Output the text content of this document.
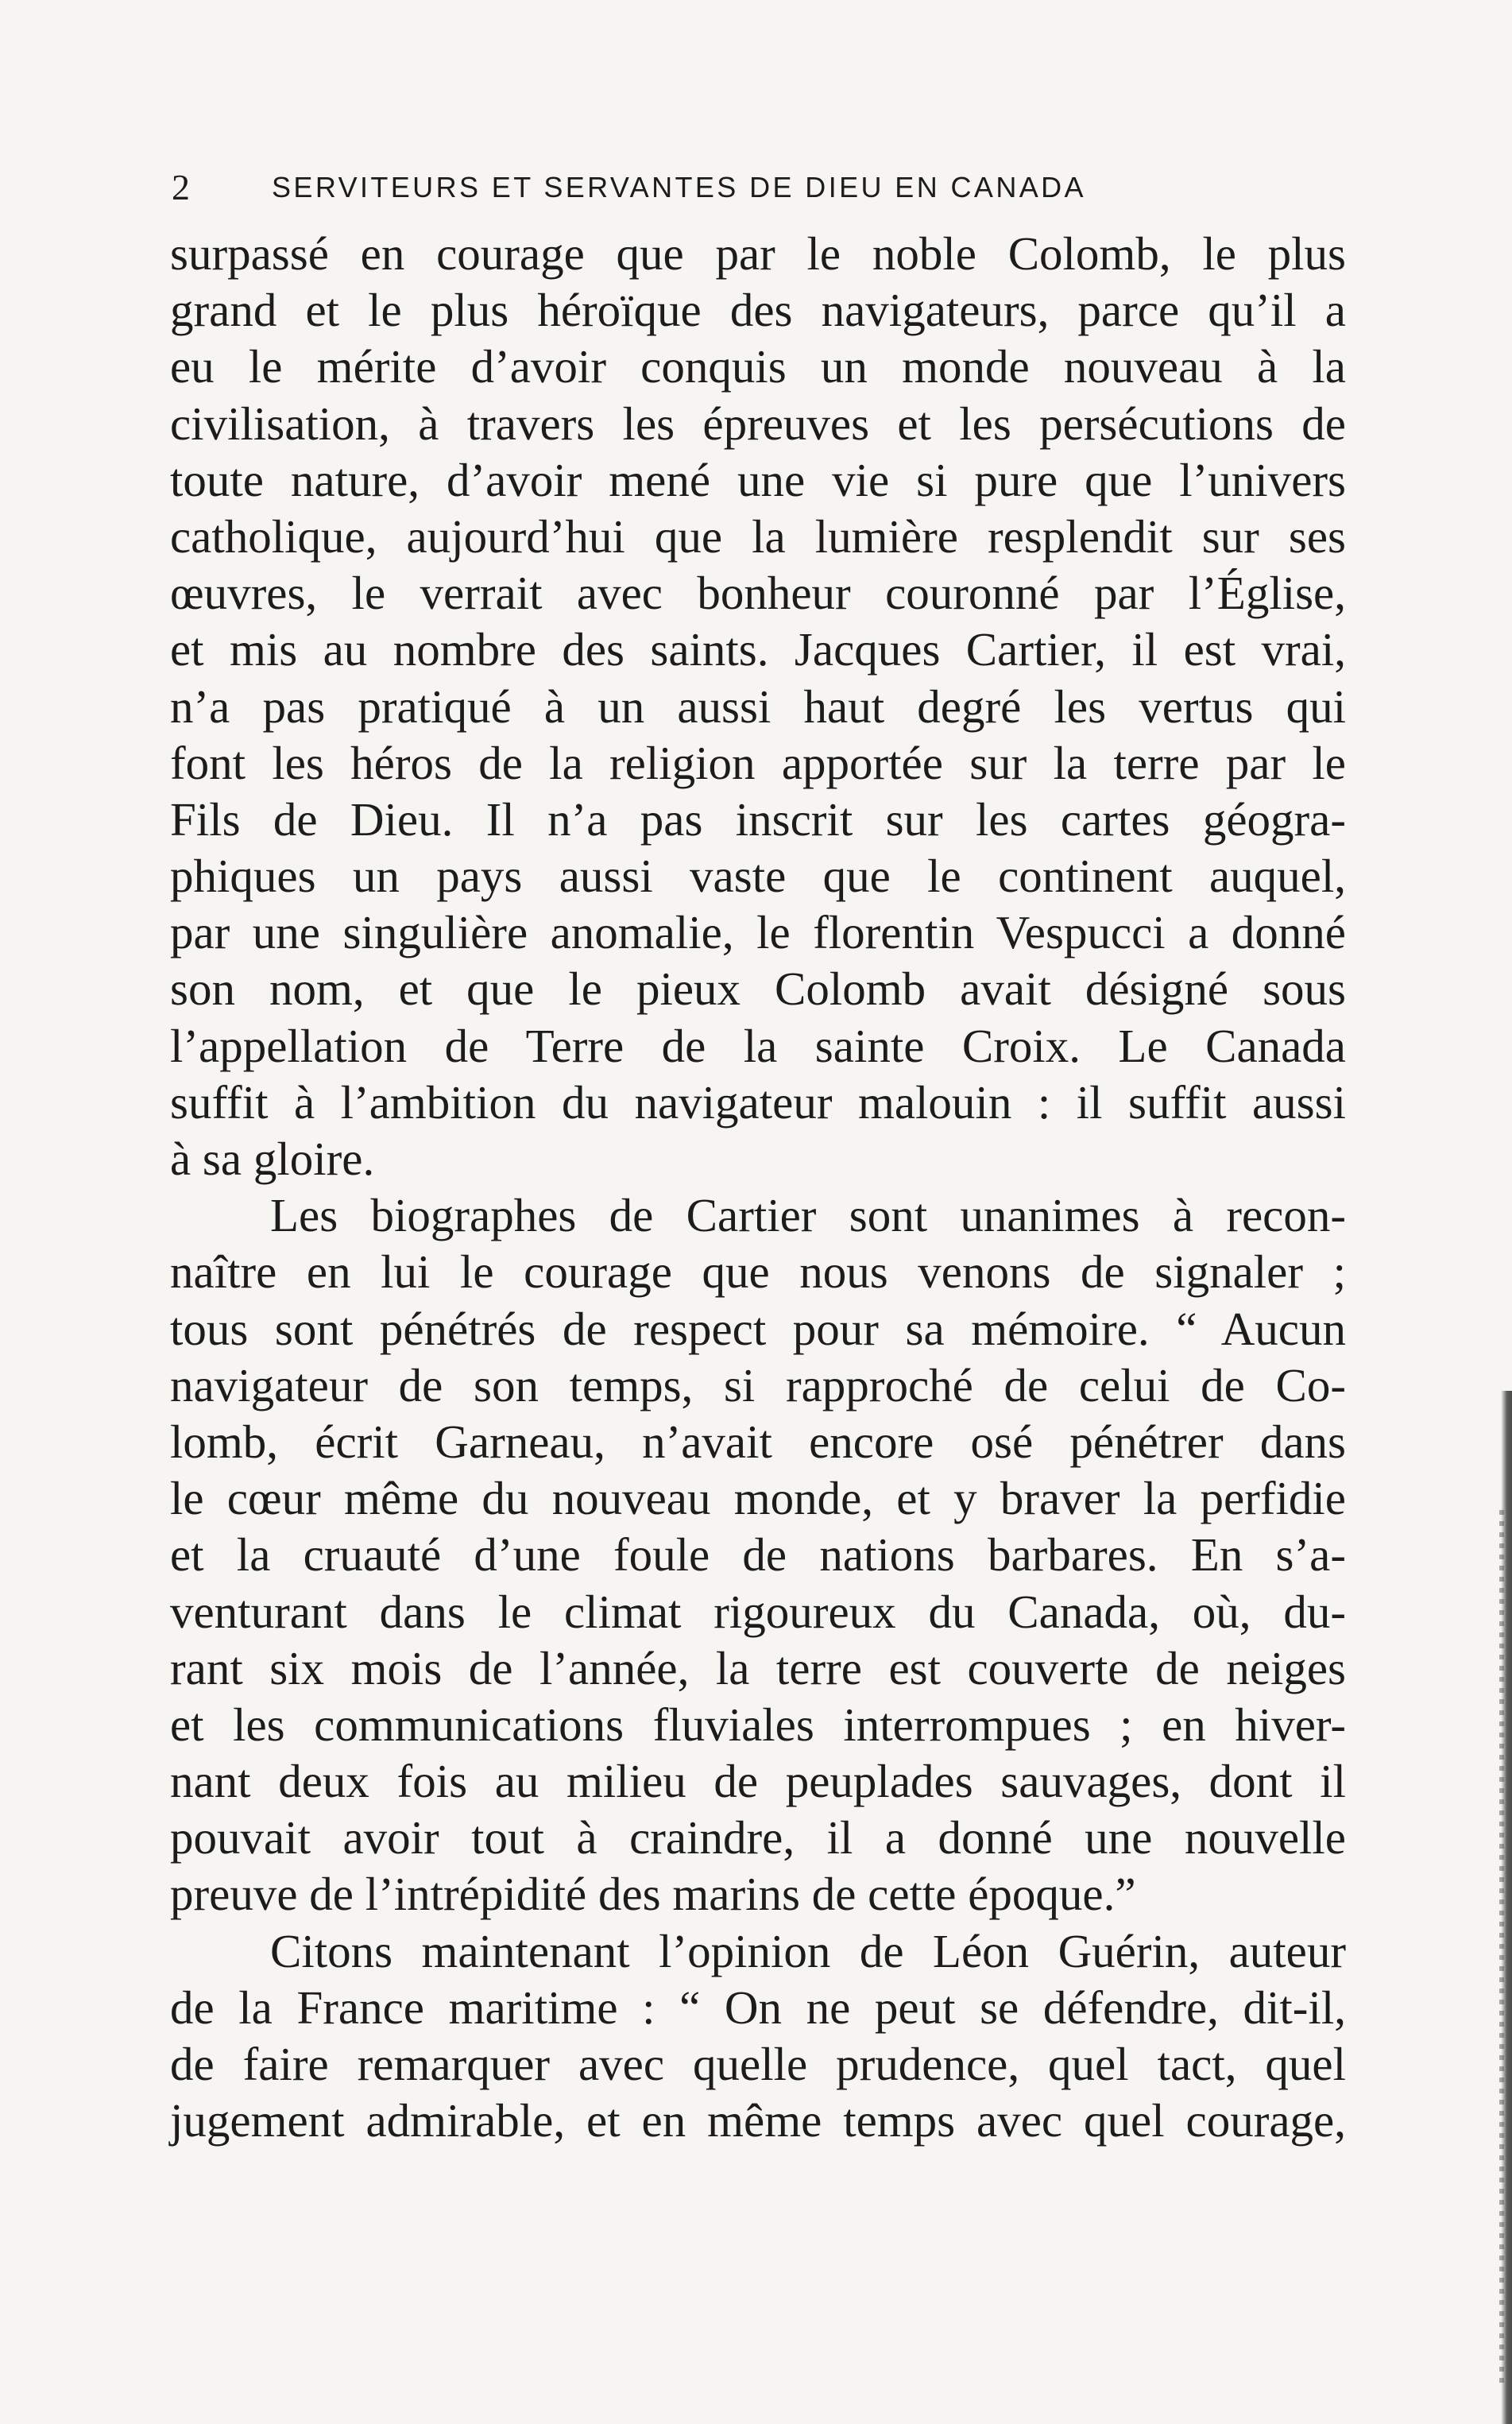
2	SERVITEURS ET SERVANTES DE DIEU EN CANADA
surpassé en courage que par le noble Colomb, le plus
grand et le plus héroïque des navigateurs, parce qu’il a
eu le mérite d’avoir conquis un monde nouveau à la
civilisation, à travers les épreuves et les persécutions de
toute nature, d’avoir mené une vie si pure que l’univers
catholique, aujourd’hui que la lumière resplendit sur ses
œuvres, le verrait avec bonheur couronné par l’Église,
et mis au nombre des saints. Jacques Cartier, il est vrai,
n’a pas pratiqué à un aussi haut degré les vertus qui
font les héros de la religion apportée sur la terre par le
Fils de Dieu. Il n’a pas inscrit sur les cartes géogra-
phiques un pays aussi vaste que le continent auquel,
par une singulière anomalie, le florentin Vespucci a donné
son nom, et que le pieux Colomb avait désigné sous
l’appellation de Terre de la sainte Croix. Le Canada
suffit à l’ambition du navigateur malouin : il suffit aussi
à sa gloire.
Les biographes de Cartier sont unanimes à recon-
naître en lui le courage que nous venons de signaler ;
tous sont pénétrés de respect pour sa mémoire. “ Aucun
navigateur de son temps, si rapproché de celui de Co-
lomb, écrit Garneau, n’avait encore osé pénétrer dans
le cœur même du nouveau monde, et y braver la perfidie
et la cruauté d’une foule de nations barbares. En s’a-
venturant dans le climat rigoureux du Canada, où, du-
rant six mois de l’année, la terre est couverte de neiges
et les communications fluviales interrompues ; en hiver-
nant deux fois au milieu de peuplades sauvages, dont il
pouvait avoir tout à craindre, il a donné une nouvelle
preuve de l’intrépidité des marins de cette époque.”
Citons maintenant l’opinion de Léon Guérin, auteur
de la France maritime : “ On ne peut se défendre, dit-il,
de faire remarquer avec quelle prudence, quel tact, quel
jugement admirable, et en même temps avec quel courage,
